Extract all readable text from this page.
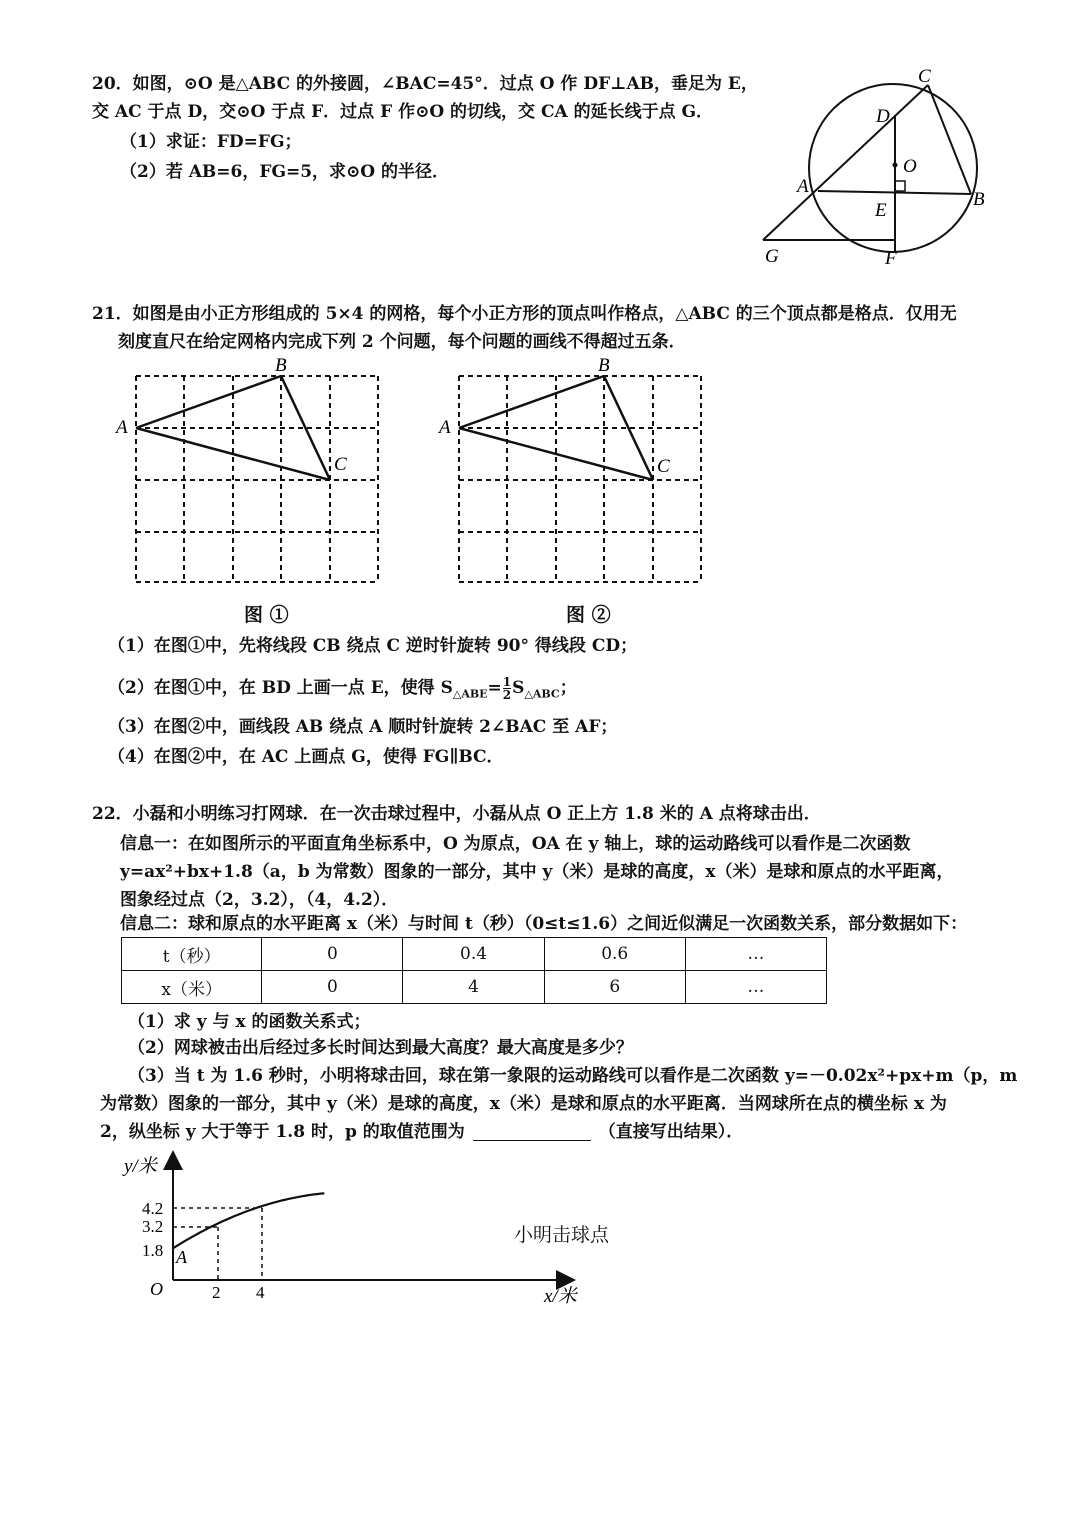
20．如图，⊙O 是△ABC 的外接圆，∠BAC=45°．过点 O 作 DF⊥AB，垂足为 E，
交 AC 于点 D，交⊙O 于点 F．过点 F 作⊙O 的切线，交 CA 的延长线于点 G．
（1）求证：FD=FG；
（2）若 AB=6，FG=5，求⊙O 的半径．
C
D
O
A
B
E
G	F
21．如图是由小正方形组成的 5×4 的网格，每个小正方形的顶点叫作格点，△ABC 的三个顶点都是格点．仅用无
刻度直尺在给定网格内完成下列 2 个问题，每个问题的画线不得超过五条．
A
B
C
A
B
C
图 ①	图 ②
（1）在图①中，先将线段 CB 绕点 C 逆时针旋转 90° 得线段 CD；
（2）在图①中，在 BD 上画一点 E，使得 $S_{\triangle ABE}= \frac{1}{2} S_{\triangle ABC}$；
（3）在图②中，画线段 AB 绕点 A 顺时针旋转 2∠BAC 至 AF；
（4）在图②中，在 AC 上画点 G，使得 FG∥BC．
22．小磊和小明练习打网球．在一次击球过程中，小磊从点 O 正上方 1.8 米的 A 点将球击出．
信息一：在如图所示的平面直角坐标系中，O 为原点，OA 在 y 轴上，球的运动路线可以看作是二次函数
y=ax²+bx+1.8（a，b 为常数）图象的一部分，其中 y（米）是球的高度，x（米）是球和原点的水平距离，
图象经过点（2，3.2），（4，4.2）．
信息二：球和原点的水平距离 x（米）与时间 t（秒）（0≤t≤1.6）之间近似满足一次函数关系，部分数据如下：
t（秒）	0	0.4	0.6	…
x（米）	0	4	6	…
（1）求 y 与 x 的函数关系式；
（2）网球被击出后经过多长时间达到最大高度？最大高度是多少？
（3）当 t 为 1.6 秒时，小明将球击回，球在第一象限的运动路线可以看作是二次函数 y=－0.02x²+px+m（p，m
为常数）图象的一部分，其中 y（米）是球的高度，x（米）是球和原点的水平距离．当网球所在点的横坐标 x 为
2，纵坐标 y 大于等于 1.8 时，p 的取值范围为	（直接写出结果）．
y/米
x/米
O
A
4.2
3.2
1.8
2 4
小明击球点
